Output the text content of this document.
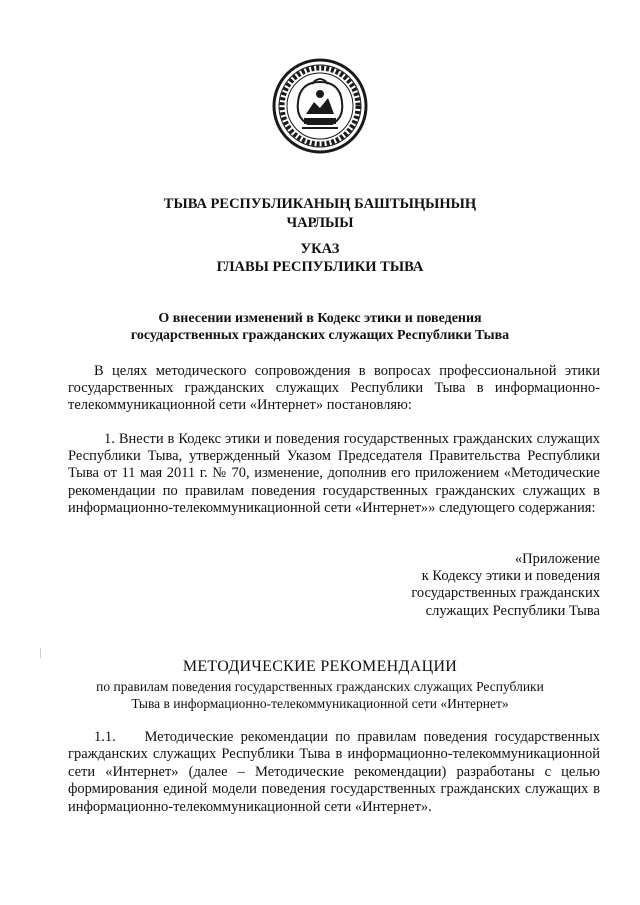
ТЫВА РЕСПУБЛИКАНЫҢ БАШТЫҢЫНЫҢ
ЧАРЛЫЫ
УКАЗ
ГЛАВЫ РЕСПУБЛИКИ ТЫВА
О внесении изменений в Кодекс этики и поведения
государственных гражданских служащих Республики Тыва
В целях методического сопровождения в вопросах профессиональной этики государственных гражданских служащих Республики Тыва в информационно-телекоммуникационной сети «Интернет» постановляю:
1. Внести в Кодекс этики и поведения государственных гражданских служащих Республики Тыва, утвержденный Указом Председателя Правительства Республики Тыва от 11 мая 2011 г. № 70, изменение, дополнив его приложением «Методические рекомендации по правилам поведения государственных гражданских служащих в информационно-телекоммуникационной сети «Интернет»» следующего содержания:
«Приложение
к Кодексу этики и поведения
государственных гражданских
служащих Республики Тыва
МЕТОДИЧЕСКИЕ РЕКОМЕНДАЦИИ
по правилам поведения государственных гражданских служащих Республики
Тыва в информационно-телекоммуникационной сети «Интернет»
1.1.    Методические рекомендации по правилам поведения государственных гражданских служащих Республики Тыва в информационно-телекоммуникационной сети «Интернет» (далее – Методические рекомендации) разработаны с целью формирования единой модели поведения государственных гражданских служащих в информационно-телекоммуникационной сети «Интернет».
